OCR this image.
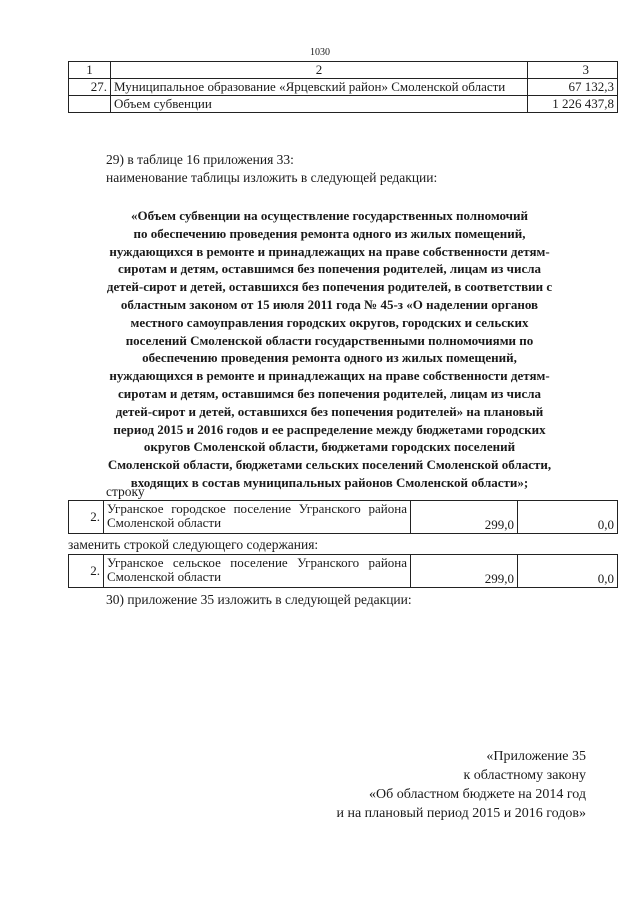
1030
1	2	3
27.	Муниципальное образование «Ярцевский район» Смоленской области	67 132,3
	Объем субвенции	1 226 437,8
29) в таблице 16 приложения 33:
наименование таблицы изложить в следующей редакции:
«Объем субвенции на осуществление государственных полномочий
по обеспечению проведения ремонта одного из жилых помещений,
нуждающихся в ремонте и принадлежащих на праве собственности детям-
сиротам и детям, оставшимся без попечения родителей, лицам из числа
детей-сирот и детей, оставшихся без попечения родителей, в соответствии с
областным законом от 15 июля 2011 года № 45-з «О наделении органов
местного самоуправления городских округов, городских и сельских
поселений Смоленской области государственными полномочиями по
обеспечению проведения ремонта одного из жилых помещений,
нуждающихся в ремонте и принадлежащих на праве собственности детям-
сиротам и детям, оставшимся без попечения родителей, лицам из числа
детей-сирот и детей, оставшихся без попечения родителей» на плановый
период 2015 и 2016 годов и ее распределение между бюджетами городских
округов Смоленской области, бюджетами городских поселений
Смоленской области, бюджетами сельских поселений Смоленской области,
входящих в состав муниципальных районов Смоленской области»;
строку
2.	Угранское городское поселение Угранского района Смоленской области	299,0	0,0
заменить строкой следующего содержания:
2.	Угранское сельское поселение Угранского района Смоленской области	299,0	0,0
30) приложение 35 изложить в следующей редакции:
«Приложение 35
к областному закону
«Об областном бюджете на 2014 год
и на плановый период 2015 и 2016 годов»
